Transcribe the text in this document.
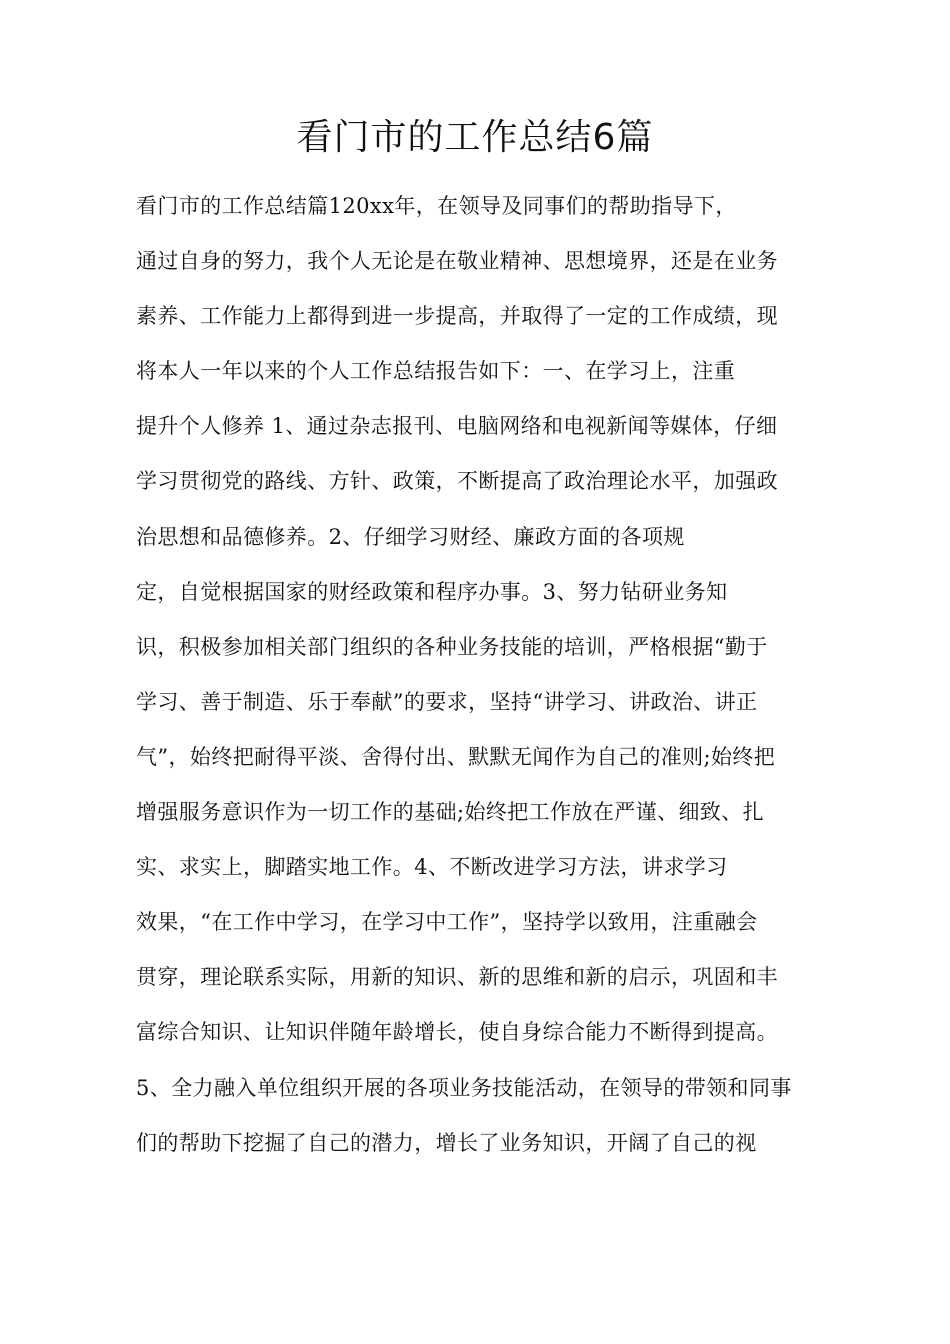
看门市的工作总结6篇
看门市的工作总结篇120xx年，在领导及同事们的帮助指导下，
通过自身的努力，我个人无论是在敬业精神、思想境界，还是在业务
素养、工作能力上都得到进一步提高，并取得了一定的工作成绩，现
将本人一年以来的个人工作总结报告如下：一、在学习上，注重
提升个人修养 1、通过杂志报刊、电脑网络和电视新闻等媒体，仔细
学习贯彻党的路线、方针、政策，不断提高了政治理论水平，加强政
治思想和品德修养。2、仔细学习财经、廉政方面的各项规
定，自觉根据国家的财经政策和程序办事。3、努力钻研业务知
识，积极参加相关部门组织的各种业务技能的培训，严格根据“勤于
学习、善于制造、乐于奉献”的要求，坚持“讲学习、讲政治、讲正
气”，始终把耐得平淡、舍得付出、默默无闻作为自己的准则;始终把
增强服务意识作为一切工作的基础;始终把工作放在严谨、细致、扎
实、求实上，脚踏实地工作。4、不断改进学习方法，讲求学习
效果，“在工作中学习，在学习中工作”，坚持学以致用，注重融会
贯穿，理论联系实际，用新的知识、新的思维和新的启示，巩固和丰
富综合知识、让知识伴随年龄增长，使自身综合能力不断得到提高。
5、全力融入单位组织开展的各项业务技能活动，在领导的带领和同事
们的帮助下挖掘了自己的潜力，增长了业务知识，开阔了自己的视
